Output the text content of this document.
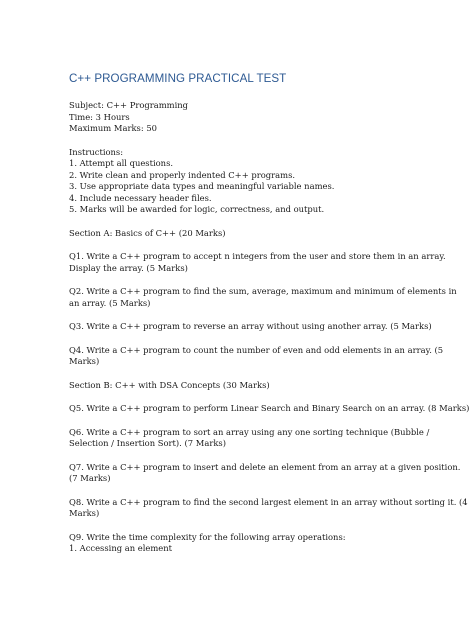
C++ PROGRAMMING PRACTICAL TEST
Subject: C++ Programming
Time: 3 Hours
Maximum Marks: 50
Instructions:
1. Attempt all questions.
2. Write clean and properly indented C++ programs.
3. Use appropriate data types and meaningful variable names.
4. Include necessary header files.
5. Marks will be awarded for logic, correctness, and output.
Section A: Basics of C++ (20 Marks)
Q1. Write a C++ program to accept n integers from the user and store them in an array.
Display the array. (5 Marks)
Q2. Write a C++ program to find the sum, average, maximum and minimum of elements in
an array. (5 Marks)
Q3. Write a C++ program to reverse an array without using another array. (5 Marks)
Q4. Write a C++ program to count the number of even and odd elements in an array. (5
Marks)
Section B: C++ with DSA Concepts (30 Marks)
Q5. Write a C++ program to perform Linear Search and Binary Search on an array. (8 Marks)
Q6. Write a C++ program to sort an array using any one sorting technique (Bubble /
Selection / Insertion Sort). (7 Marks)
Q7. Write a C++ program to insert and delete an element from an array at a given position.
(7 Marks)
Q8. Write a C++ program to find the second largest element in an array without sorting it. (4
Marks)
Q9. Write the time complexity for the following array operations:
1. Accessing an element
